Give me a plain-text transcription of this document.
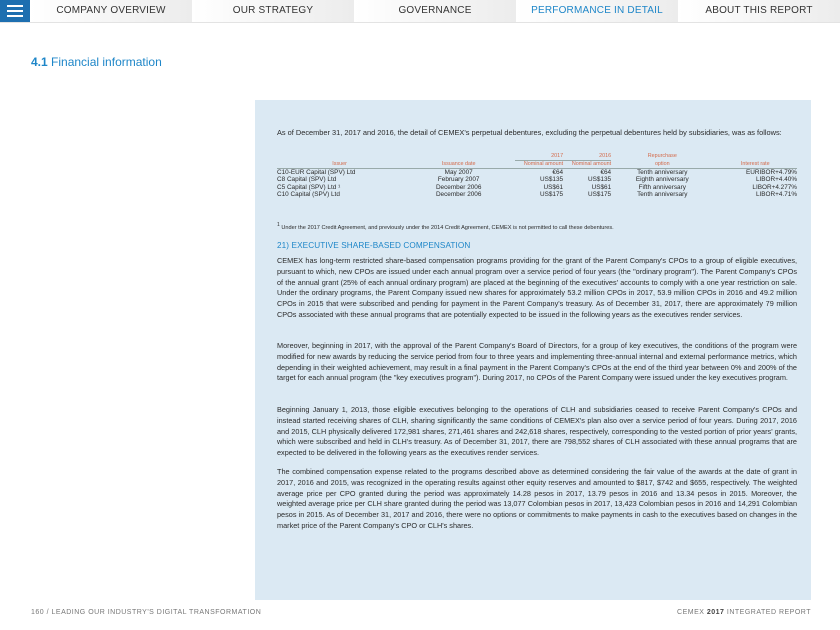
COMPANY OVERVIEW	OUR STRATEGY	GOVERNANCE	PERFORMANCE IN DETAIL	ABOUT THIS REPORT
4.1 Financial information
As of December 31, 2017 and 2016, the detail of CEMEX's perpetual debentures, excluding the perpetual debentures held by subsidiaries, was as follows:
		2017	2016	Repurchase	
Issuer	Issuance date	Nominal amount	Nominal amount	option	Interest rate
C10-EUR Capital (SPV) Ltd	May 2007	€64	€64	Tenth anniversary	EURIBOR+4.79%
C8 Capital (SPV) Ltd	February 2007	US$135	US$135	Eighth anniversary	LIBOR+4.40%
C5 Capital (SPV) Ltd ¹	December 2006	US$61	US$61	Fifth anniversary	LIBOR+4.277%
C10 Capital (SPV) Ltd	December 2006	US$175	US$175	Tenth anniversary	LIBOR+4.71%
$^1$ Under the 2017 Credit Agreement, and previously under the 2014 Credit Agreement, CEMEX is not permitted to call these debentures.
21) EXECUTIVE SHARE-BASED COMPENSATION
CEMEX has long-term restricted share-based compensation programs providing for the grant of the Parent Company's CPOs to a group of eligible executives, pursuant to which, new CPOs are issued under each annual program over a service period of four years (the "ordinary program"). The Parent Company's CPOs of the annual grant (25% of each annual ordinary program) are placed at the beginning of the executives' accounts to comply with a one year restriction on sale. Under the ordinary programs, the Parent Company issued new shares for approximately 53.2 million CPOs in 2017, 53.9 million CPOs in 2016 and 49.2 million CPOs in 2015 that were subscribed and pending for payment in the Parent Company's treasury. As of December 31, 2017, there are approximately 79 million CPOs associated with these annual programs that are potentially expected to be issued in the following years as the executives render services.
Moreover, beginning in 2017, with the approval of the Parent Company's Board of Directors, for a group of key executives, the conditions of the program were modified for new awards by reducing the service period from four to three years and implementing three-annual internal and external performance metrics, which depending in their weighted achievement, may result in a final payment in the Parent Company's CPOs at the end of the third year between 0% and 200% of the target for each annual program (the "key executives program"). During 2017, no CPOs of the Parent Company were issued under the key executives program.
Beginning January 1, 2013, those eligible executives belonging to the operations of CLH and subsidiaries ceased to receive Parent Company's CPOs and instead started receiving shares of CLH, sharing significantly the same conditions of CEMEX's plan also over a service period of four years. During 2017, 2016 and 2015, CLH physically delivered 172,981 shares, 271,461 shares and 242,618 shares, respectively, corresponding to the vested portion of prior years' grants, which were subscribed and held in CLH's treasury. As of December 31, 2017, there are 798,552 shares of CLH associated with these annual programs that are expected to be delivered in the following years as the executives render services.
The combined compensation expense related to the programs described above as determined considering the fair value of the awards at the date of grant in 2017, 2016 and 2015, was recognized in the operating results against other equity reserves and amounted to $817, $742 and $655, respectively. The weighted average price per CPO granted during the period was approximately 14.28 pesos in 2017, 13.79 pesos in 2016 and 13.34 pesos in 2015. Moreover, the weighted average price per CLH share granted during the period was 13,077 Colombian pesos in 2017, 13,423 Colombian pesos in 2016 and 14,291 Colombian pesos in 2015. As of December 31, 2017 and 2016, there were no options or commitments to make payments in cash to the executives based on changes in the market price of the Parent Company's CPO or CLH's shares.
160 / LEADING OUR INDUSTRY'S DIGITAL TRANSFORMATION	CEMEX 2017 INTEGRATED REPORT
